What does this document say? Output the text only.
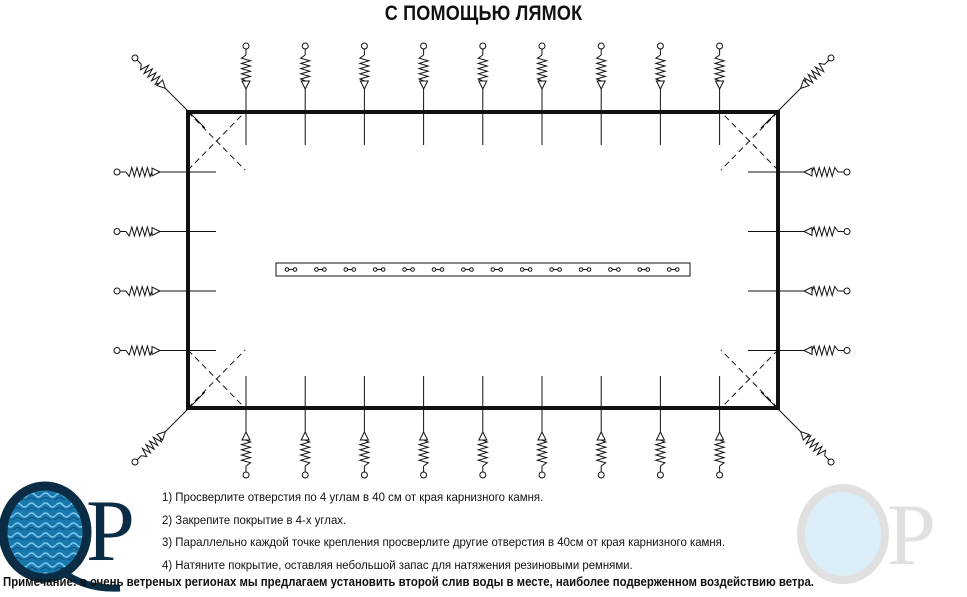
С ПОМОЩЬЮ ЛЯМОК
P	P
1) Просверлите отверстия по 4 углам в 40 см от края карнизного камня.
2) Закрепите покрытие в 4-х углах.
3) Параллельно каждой точке крепления просверлите другие отверстия в 40см от края карнизного камня.
4) Натяните покрытие, оставляя небольшой запас для натяжения резиновыми ремнями.
Примечание: в очень ветреных регионах мы предлагаем установить второй слив воды в месте, наиболее подверженном воздействию ветра.
